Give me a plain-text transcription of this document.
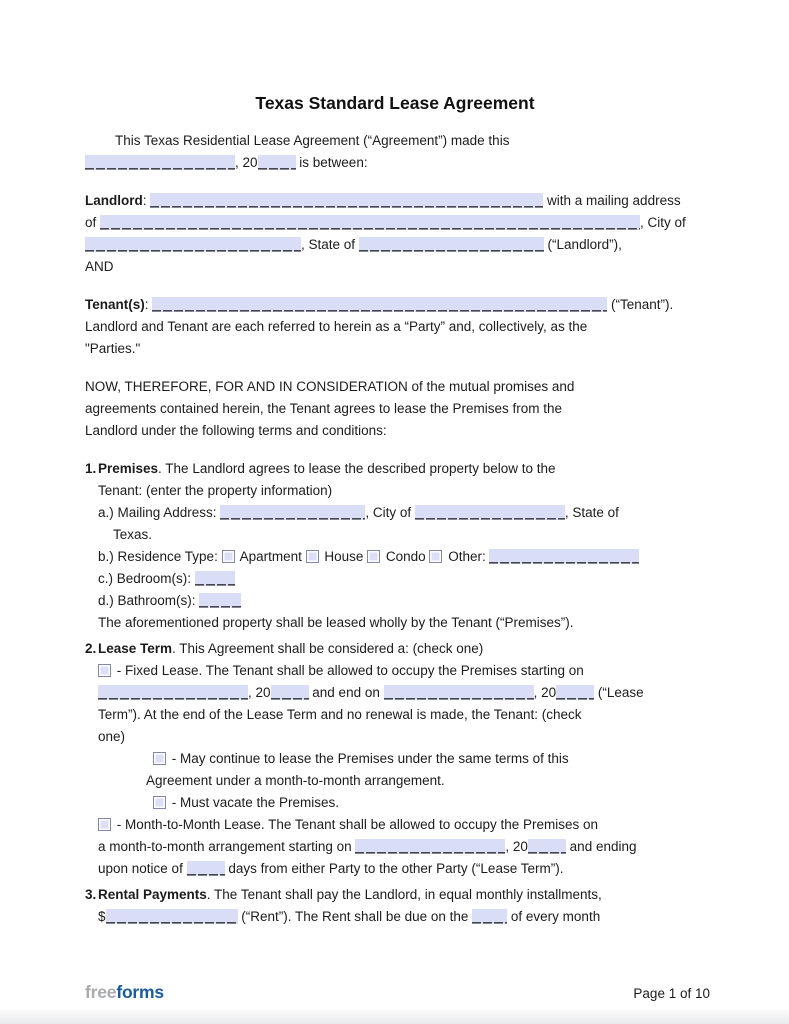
Texas Standard Lease Agreement
This Texas Residential Lease Agreement (“Agreement”) made this
, 20	is between:
Landlord:	with a mailing address
of	, City of
, State of	(“Landlord”),
AND
Tenant(s):	(“Tenant”).
Landlord and Tenant are each referred to herein as a “Party” and, collectively, as the
"Parties."
NOW, THEREFORE, FOR AND IN CONSIDERATION of the mutual promises and
agreements contained herein, the Tenant agrees to lease the Premises from the
Landlord under the following terms and conditions:
1. Premises. The Landlord agrees to lease the described property below to the
Tenant: (enter the property information)
a.) Mailing Address:	, City of	, State of
Texas.
b.) Residence Type:  Apartment  House  Condo  Other:
c.) Bedroom(s):
d.) Bathroom(s):
The aforementioned property shall be leased wholly by the Tenant (“Premises”).
2. Lease Term. This Agreement shall be considered a: (check one)
- Fixed Lease. The Tenant shall be allowed to occupy the Premises starting on
, 20	and end on	, 20	(“Lease
Term”). At the end of the Lease Term and no renewal is made, the Tenant: (check
one)
- May continue to lease the Premises under the same terms of this
Agreement under a month-to-month arrangement.
- Must vacate the Premises.
- Month-to-Month Lease. The Tenant shall be allowed to occupy the Premises on
a month-to-month arrangement starting on	, 20	and ending
upon notice of	days from either Party to the other Party (“Lease Term”).
3. Rental Payments. The Tenant shall pay the Landlord, in equal monthly installments,
$	(“Rent”). The Rent shall be due on the	of every month
freeforms	Page 1 of 10
